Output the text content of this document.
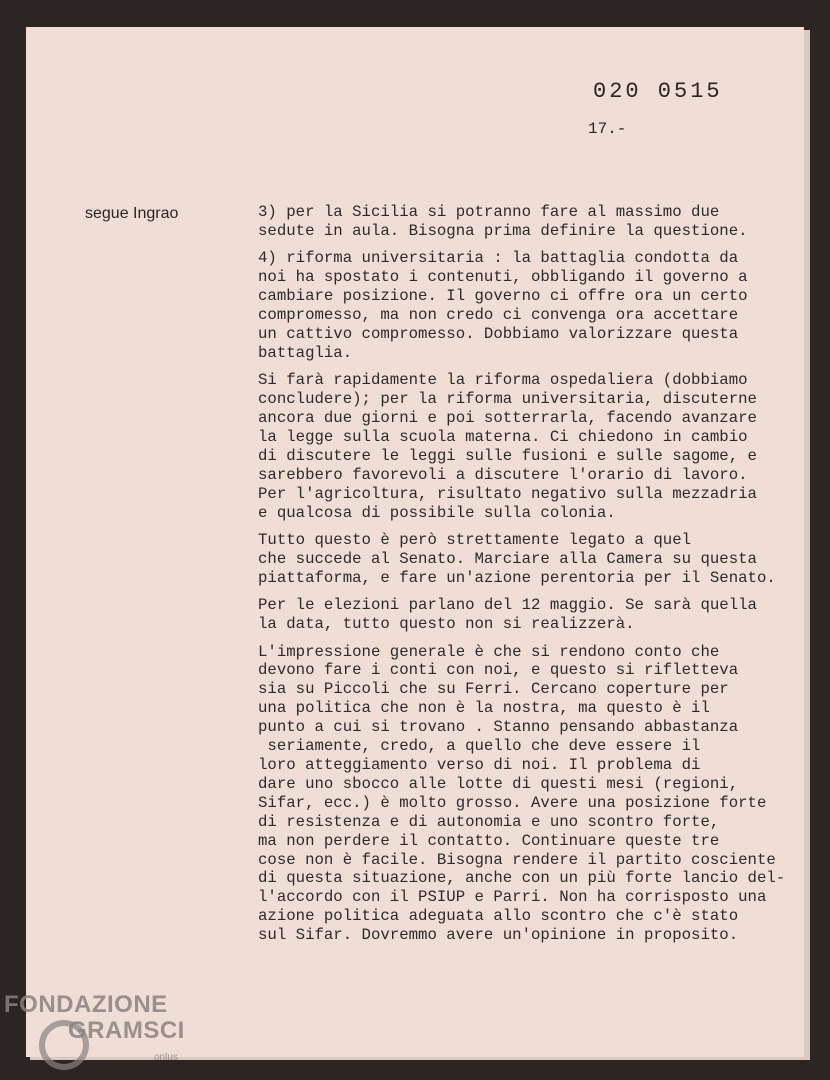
020 0515
17.-
segue Ingrao	3) per la Sicilia si potranno fare al massimo due
sedute in aula. Bisogna prima definire la questione.

4) riforma universitaria : la battaglia condotta da
noi ha spostato i contenuti, obbligando il governo a
cambiare posizione. Il governo ci offre ora un certo
compromesso, ma non credo ci convenga ora accettare
un cattivo compromesso. Dobbiamo valorizzare questa
battaglia.

Si farà rapidamente la riforma ospedaliera (dobbiamo
concludere); per la riforma universitaria, discuterne
ancora due giorni e poi sotterrarla, facendo avanzare
la legge sulla scuola materna. Ci chiedono in cambio
di discutere le leggi sulle fusioni e sulle sagome, e
sarebbero favorevoli a discutere l'orario di lavoro.
Per l'agricoltura, risultato negativo sulla mezzadria
e qualcosa di possibile sulla colonia.

Tutto questo è però strettamente legato a quel
che succede al Senato. Marciare alla Camera su questa
piattaforma, e fare un'azione perentoria per il Senato.

Per le elezioni parlano del 12 maggio. Se sarà quella
la data, tutto questo non si realizzerà.

L'impressione generale è che si rendono conto che
devono fare i conti con noi, e questo si rifletteva
sia su Piccoli che su Ferri. Cercano coperture per
una politica che non è la nostra, ma questo è il
punto a cui si trovano . Stanno pensando abbastanza
seriamente, credo, a quello che deve essere il
loro atteggiamento verso di noi. Il problema di
dare uno sbocco alle lotte di questi mesi (regioni,
Sifar, ecc.) è molto grosso. Avere una posizione forte
di resistenza e di autonomia e uno scontro forte,
ma non perdere il contatto. Continuare queste tre
cose non è facile. Bisogna rendere il partito cosciente
di questa situazione, anche con un più forte lancio del-
l'accordo con il PSIUP e Parri. Non ha corrisposto una
azione politica adeguata allo scontro che c'è stato
sul Sifar. Dovremmo avere un'opinione in proposito.

FONDAZIONE
GRAMSCI
onlus
